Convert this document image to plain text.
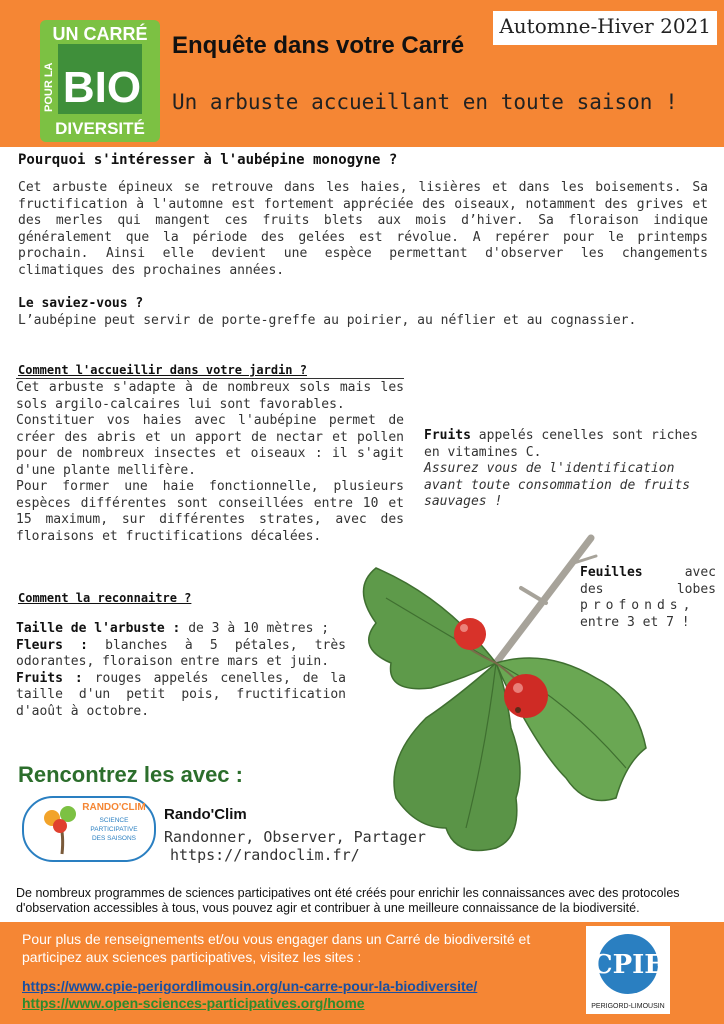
UN CARRÉ
POUR LA BIO
DIVERSITÉ
Automne-Hiver 2021
Enquête dans votre Carré
Un arbuste accueillant en toute saison !
Pourquoi s'intéresser à l'aubépine monogyne ?
Cet arbuste épineux se retrouve dans les haies, lisières et dans les boisements. Sa fructification à l'automne est fortement appréciée des oiseaux, notamment des grives et des merles qui mangent ces fruits blets aux mois d’hiver. Sa floraison indique généralement que la période des gelées est révolue. A repérer pour le printemps prochain. Ainsi elle devient une espèce permettant d'observer les changements climatiques des prochaines années.
Le saviez-vous ?
L’aubépine peut servir de porte-greffe au poirier, au néflier et au cognassier.
Comment l'accueillir dans votre jardin ?
Cet arbuste s'adapte à de nombreux sols mais les sols argilo-calcaires lui sont favorables.
Constituer vos haies avec l'aubépine permet de créer des abris et un apport de nectar et pollen pour de nombreux insectes et oiseaux : il s'agit d'une plante mellifère.
Pour former une haie fonctionnelle, plusieurs espèces différentes sont conseillées entre 10 et 15 maximum, sur différentes strates, avec des floraisons et fructifications décalées.
Fruits appelés cenelles sont riches en vitamines C.
Assurez vous de l'identification avant toute consommation de fruits sauvages !
Feuilles	avec
des	lobes
profonds,
entre 3 et 7 !
Comment la reconnaitre ?
Taille de l'arbuste : de 3 à 10 mètres ;
Fleurs : blanches à 5 pétales, très odorantes, floraison entre mars et juin.
Fruits : rouges appelés cenelles, de la taille d'un petit pois, fructification d'août à octobre.
Rencontrez les avec :
RANDO'CLIM
SCIENCE
PARTICIPATIVE
DES SAISONS
Rando'Clim
Randonner, Observer, Partager
https://randoclim.fr/
De nombreux programmes de sciences participatives ont été créés pour enrichir les connaissances avec des protocoles d'observation accessibles à tous, vous pouvez agir et contribuer à une meilleure connaissance de la biodiversité.
Pour plus de renseignements et/ou vous engager dans un Carré de biodiversité et participez aux sciences participatives, visitez les sites :
https://www.cpie-perigordlimousin.org/un-carre-pour-la-biodiversite/
https://www.open-sciences-participatives.org/home
CPIE
PERIGORD-LIMOUSIN
